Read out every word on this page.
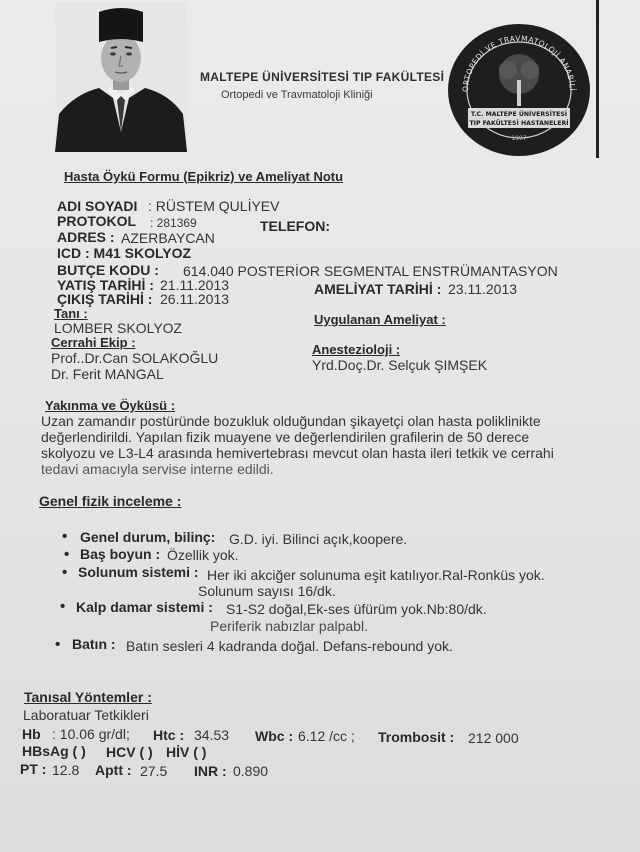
MALTEPE ÜNİVERSİTESİ TIP FAKÜLTESİ
Ortopedi ve Travmatoloji Kliniği
ORTOPEDİ VE TRAVMATOLOJİ ANABİLİ
T.C. MALTEPE ÜNİVERSİTESİ
TIP FAKÜLTESİ HASTANELERİ
1997
Hasta Öykü Formu (Epikriz) ve Ameliyat Notu
ADI SOYADI : RÜSTEM QULİYEV
PROTOKOL : 281369	TELEFON:
ADRES : AZERBAYCAN
ICD : M41 SKOLYOZ
BUTÇE KODU : 614.040 POSTERİOR SEGMENTAL ENSTRÜMANTASYON
YATIŞ TARİHİ : 21.11.2013	AMELİYAT TARİHİ : 23.11.2013
ÇIKIŞ TARİHİ : 26.11.2013
Tanı :
LOMBER SKOLYOZ
Uygulanan Ameliyat :
Cerrahi Ekip :
Prof..Dr.Can SOLAKOĞLU
Dr. Ferit MANGAL
Anestezioloji :
Yrd.Doç.Dr. Selçuk ŞIMŞEK
Yakınma ve Öyküsü :
Uzan zamandır postüründe bozukluk olduğundan şikayetçi olan hasta poliklinikte
değerlendirildi. Yapılan fizik muayene ve değerlendirilen grafilerin de 50 derece
skolyozu ve L3-L4 arasında hemivertebrası mevcut olan hasta ileri tetkik ve cerrahi
tedavi amacıyla servise interne edildi.
Genel fizik inceleme :
• Genel durum, bilinç: G.D. iyi. Bilinci açık,koopere.
• Baş boyun : Özellik yok.
• Solunum sistemi : Her iki akciğer solunuma eşit katılıyor.Ral-Ronküs yok.
Solunum sayısı 16/dk.
• Kalp damar sistemi : S1-S2 doğal,Ek-ses üfürüm yok.Nb:80/dk.
Periferik nabızlar palpabl.
• Batın : Batın sesleri 4 kadranda doğal. Defans-rebound yok.
Tanısal Yöntemler :
Laboratuar Tetkikleri
Hb : 10.06 gr/dl; Htc : 34.53 Wbc : 6.12 /cc ; Trombosit : 212 000
HBsAg ( ) HCV ( ) HİV ( )
PT : 12.8 Aptt : 27.5 INR : 0.890
